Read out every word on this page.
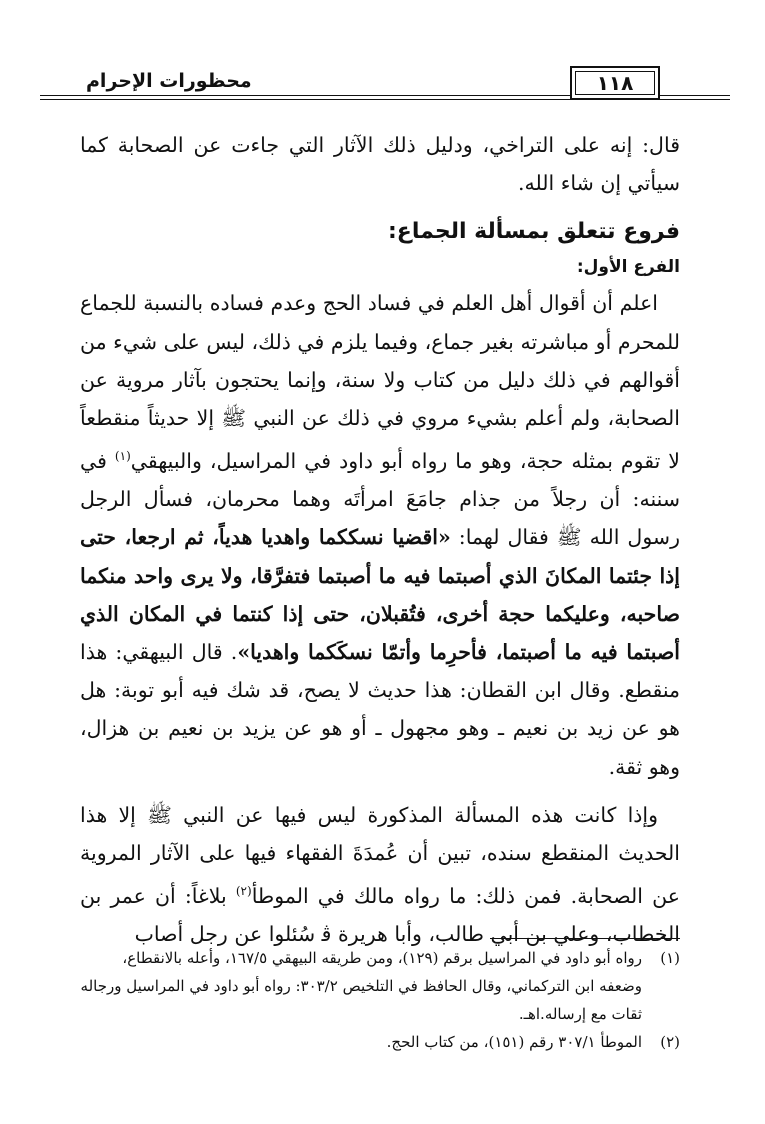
محظورات الإحرام	١١٨

قال: إنه على التراخي، ودليل ذلك الآثار التي جاءت عن الصحابة كما سيأتي إن شاء الله.

فروع تتعلق بمسألة الجماع:
الفرع الأول:

اعلم أن أقوال أهل العلم في فساد الحج وعدم فساده بالنسبة للجماع للمحرم أو مباشرته بغير جماع، وفيما يلزم في ذلك، ليس على شيء من أقوالهم في ذلك دليل من كتاب ولا سنة، وإنما يحتجون بآثار مروية عن الصحابة، ولم أعلم بشيء مروي في ذلك عن النبي ﷺ إلا حديثاً منقطعاً لا تقوم بمثله حجة، وهو ما رواه أبو داود في المراسيل، والبيهقي$^{(١)}$ في سننه: أن رجلاً من جذام جامَعَ امرأتَه وهما محرمان، فسأل الرجل رسول الله ﷺ فقال لهما: «اقضيا نسككما واهديا هدياً، ثم ارجعا، حتى إذا جئتما المكانَ الذي أصبتما فيه ما أصبتما فتفرَّقا، ولا يرى واحد منكما صاحبه، وعليكما حجة أخرى، فتُقبلان، حتى إذا كنتما في المكان الذي أصبتما فيه ما أصبتما، فأحرِما وأتمّا نسكَكما واهديا». قال البيهقي: هذا منقطع. وقال ابن القطان: هذا حديث لا يصح، قد شك فيه أبو توبة: هل هو عن زيد بن نعيم ـ وهو مجهول ـ أو هو عن يزيد بن نعيم بن هزال، وهو ثقة.

وإذا كانت هذه المسألة المذكورة ليس فيها عن النبي ﷺ إلا هذا الحديث المنقطع سنده، تبين أن عُمدَةَ الفقهاء فيها على الآثار المروية عن الصحابة. فمن ذلك: ما رواه مالك في الموطأ$^{(٢)}$ بلاغاً: أن عمر بن الخطاب، وعلي بن أبي طالب، وأبا هريرة ﭬ سُئلوا عن رجل أصاب

(١)
رواه أبو داود في المراسيل برقم (١٢٩)، ومن طريقه البيهقي ١٦٧/٥، وأعله بالانقطاع، وضعفه ابن التركماني، وقال الحافظ في التلخيص ٣٠٣/٢: رواه أبو داود في المراسيل ورجاله ثقات مع إرساله.اهـ.
(٢)
الموطأ ٣٠٧/١ رقم (١٥١)، من كتاب الحج.
